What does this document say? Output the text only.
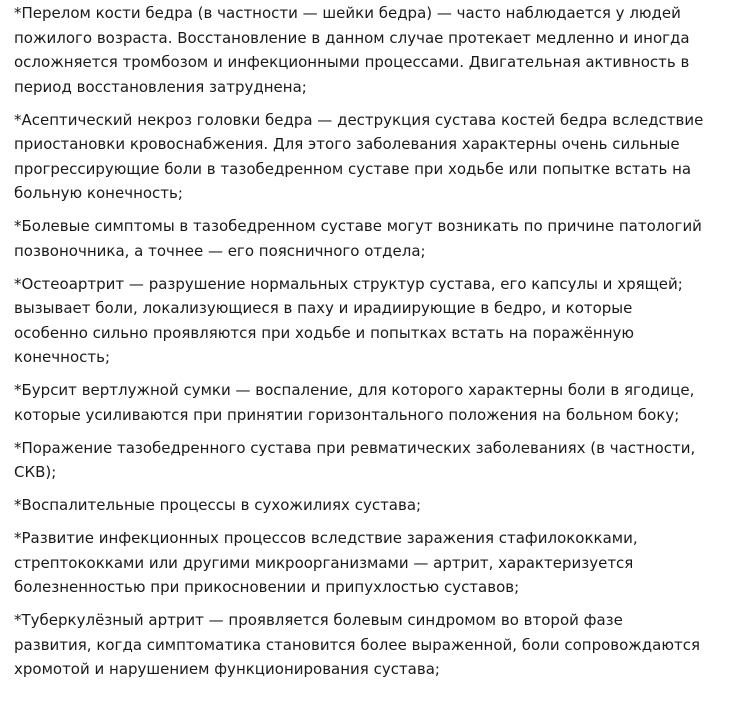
*Перелом кости бедра (в частности — шейки бедра) — часто наблюдается у людей
пожилого возраста. Восстановление в данном случае протекает медленно и иногда
осложняется тромбозом и инфекционными процессами. Двигательная активность в
период восстановления затруднена;

*Асептический некроз головки бедра — деструкция сустава костей бедра вследствие
приостановки кровоснабжения. Для этого заболевания характерны очень сильные
прогрессирующие боли в тазобедренном суставе при ходьбе или попытке встать на
больную конечность;

*Болевые симптомы в тазобедренном суставе могут возникать по причине патологий
позвоночника, а точнее — его поясничного отдела;

*Остеоартрит — разрушение нормальных структур сустава, его капсулы и хрящей;
вызывает боли, локализующиеся в паху и ирадиирующие в бедро, и которые
особенно сильно проявляются при ходьбе и попытках встать на поражённую
конечность;

*Бурсит вертлужной сумки — воспаление, для которого характерны боли в ягодице,
которые усиливаются при принятии горизонтального положения на больном боку;

*Поражение тазобедренного сустава при ревматических заболеваниях (в частности,
СКВ);

*Воспалительные процессы в сухожилиях сустава;

*Развитие инфекционных процессов вследствие заражения стафилококками,
стрептококками или другими микроорганизмами — артрит, характеризуется
болезненностью при прикосновении и припухлостью суставов;

*Туберкулёзный артрит — проявляется болевым синдромом во второй фазе
развития, когда симптоматика становится более выраженной, боли сопровождаются
хромотой и нарушением функционирования сустава;
